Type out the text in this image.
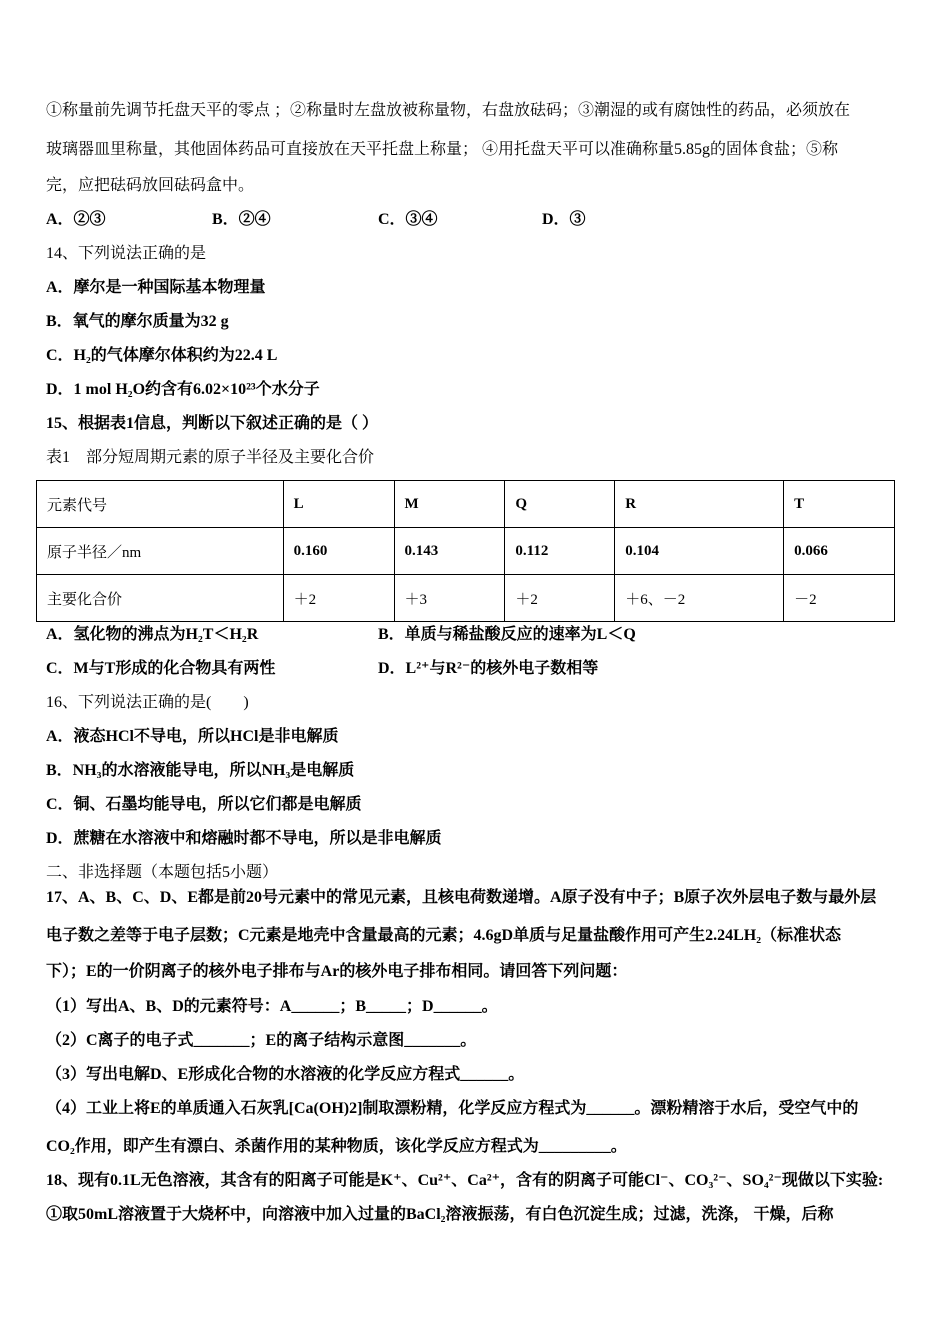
①称量前先调节托盘天平的零点 ；②称量时左盘放被称量物，右盘放砝码；③潮湿的或有腐蚀性的药品，必须放在
玻璃器皿里称量，其他固体药品可直接放在天平托盘上称量； ④用托盘天平可以准确称量5.85g的固体食盐；⑤称
完，应把砝码放回砝码盒中。
A．②③	B．②④	C．③④	D．③
14、下列说法正确的是
A．摩尔是一种国际基本物理量
B．氧气的摩尔质量为32 g
C．H₂的气体摩尔体积约为22.4 L
D．1 mol H₂O约含有6.02×10²³个水分子
15、根据表1信息，判断以下叙述正确的是（ ）
表1　部分短周期元素的原子半径及主要化合价
元素代号	L	M	Q	R	T
原子半径／nm	0.160	0.143	0.112	0.104	0.066
主要化合价	＋2	＋3	＋2	＋6、－2	－2
A．氢化物的沸点为H₂T＜H₂R	B．单质与稀盐酸反应的速率为L＜Q
C．M与T形成的化合物具有两性	D．L²⁺与R²⁻的核外电子数相等
16、下列说法正确的是(　　)
A．液态HCl不导电，所以HCl是非电解质
B．NH₃的水溶液能导电，所以NH₃是电解质
C．铜、石墨均能导电，所以它们都是电解质
D．蔗糖在水溶液中和熔融时都不导电，所以是非电解质
二、非选择题（本题包括5小题）
17、A、B、C、D、E都是前20号元素中的常见元素，且核电荷数递增。A原子没有中子；B原子次外层电子数与最外层
电子数之差等于电子层数；C元素是地壳中含量最高的元素；4.6gD单质与足量盐酸作用可产生2.24LH₂（标准状态
下）；E的一价阴离子的核外电子排布与Ar的核外电子排布相同。请回答下列问题：
（1）写出A、B、D的元素符号：A______；B_____；D______。
（2）C离子的电子式_______；E的离子结构示意图_______。
（3）写出电解D、E形成化合物的水溶液的化学反应方程式______。
（4）工业上将E的单质通入石灰乳[Ca(OH)2]制取漂粉精，化学反应方程式为______。漂粉精溶于水后，受空气中的
CO₂作用，即产生有漂白、杀菌作用的某种物质，该化学反应方程式为_________。
18、现有0.1L无色溶液，其含有的阳离子可能是K⁺、Cu²⁺、Ca²⁺，含有的阴离子可能Cl⁻、CO₃²⁻、SO₄²⁻现做以下实验:
①取50mL溶液置于大烧杯中，向溶液中加入过量的BaCl₂溶液振荡，有白色沉淀生成；过滤，洗涤， 干燥，后称
